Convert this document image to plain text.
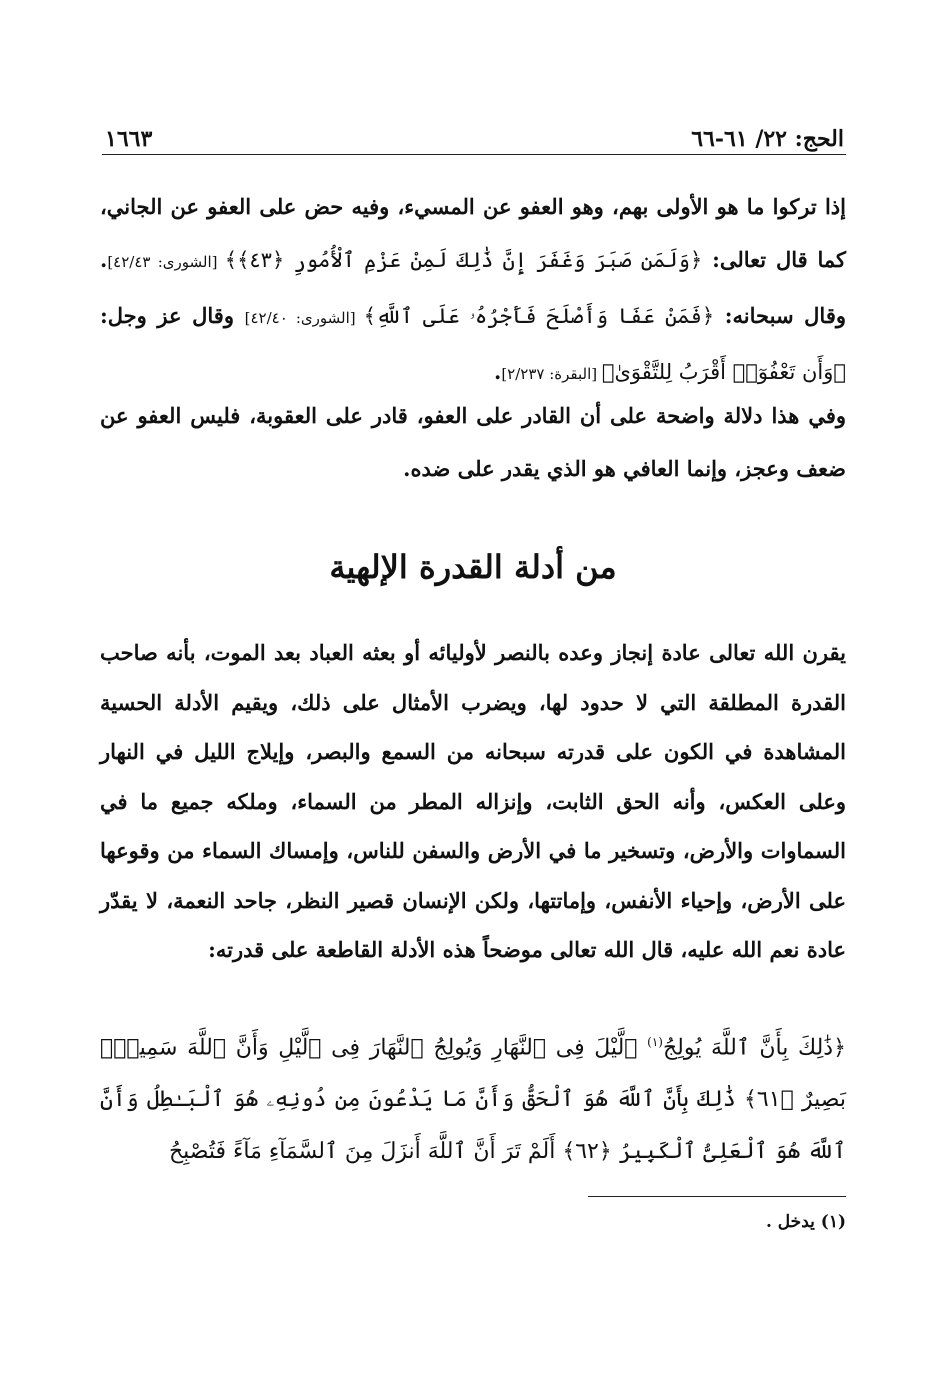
الحج: ٢٢/ ٦١-٦٦
١٦٦٣
إذا تركوا ما هو الأولى بهم، وهو العفو عن المسيء، وفيه حض على العفو عن الجاني، كما قال تعالى: ﴿وَلَمَن صَبَرَ وَغَفَرَ إِنَّ ذَٰلِكَ لَمِنْ عَزْمِ ٱلْأُمُورِ ﴿٤٣﴾﴾ [الشورى: ٤٢/٤٣]. وقال سبحانه: ﴿فَمَنْ عَفَا وَأَصْلَحَ فَأَجْرُهُۥ عَلَى ٱللَّهِ﴾ [الشورى: ٤٢/٤٠] وقال عز وجل: ﴿وَأَن تَعْفُوٓا۟ أَقْرَبُ لِلتَّقْوَىٰ﴾ [البقرة: ٢/٢٣٧].
وفي هذا دلالة واضحة على أن القادر على العفو، قادر على العقوبة، فليس العفو عن ضعف وعجز، وإنما العافي هو الذي يقدر على ضده.
من أدلة القدرة الإلهية
يقرن الله تعالى عادة إنجاز وعده بالنصر لأوليائه أو بعثه العباد بعد الموت، بأنه صاحب القدرة المطلقة التي لا حدود لها، ويضرب الأمثال على ذلك، ويقيم الأدلة الحسية المشاهدة في الكون على قدرته سبحانه من السمع والبصر، وإيلاج الليل في النهار وعلى العكس، وأنه الحق الثابت، وإنزاله المطر من السماء، وملكه جميع ما في السماوات والأرض، وتسخير ما في الأرض والسفن للناس، وإمساك السماء من وقوعها على الأرض، وإحياء الأنفس، وإماتتها، ولكن الإنسان قصير النظر، جاحد النعمة، لا يقدّر عادة نعم الله عليه، قال الله تعالى موضحاً هذه الأدلة القاطعة على قدرته:
﴿ذَٰلِكَ بِأَنَّ ٱللَّهَ يُولِجُ$^{(١)}$ ٱلَّيْلَ فِى ٱلنَّهَارِ وَيُولِجُ ٱلنَّهَارَ فِى ٱلَّيْلِ وَأَنَّ ٱللَّهَ سَمِيعٌۢ بَصِيرٌ ﴿٦١﴾ ذَٰلِكَ بِأَنَّ ٱللَّهَ هُوَ ٱلْحَقُّ وَأَنَّ مَا يَدْعُونَ مِن دُونِهِۦ هُوَ ٱلْبَـٰطِلُ وَأَنَّ ٱللَّهَ هُوَ ٱلْعَلِىُّ ٱلْكَبِيرُ ﴿٦٢﴾ أَلَمْ تَرَ أَنَّ ٱللَّهَ أَنزَلَ مِنَ ٱلسَّمَآءِ مَآءً فَتُصْبِحُ
(١) يدخل .
